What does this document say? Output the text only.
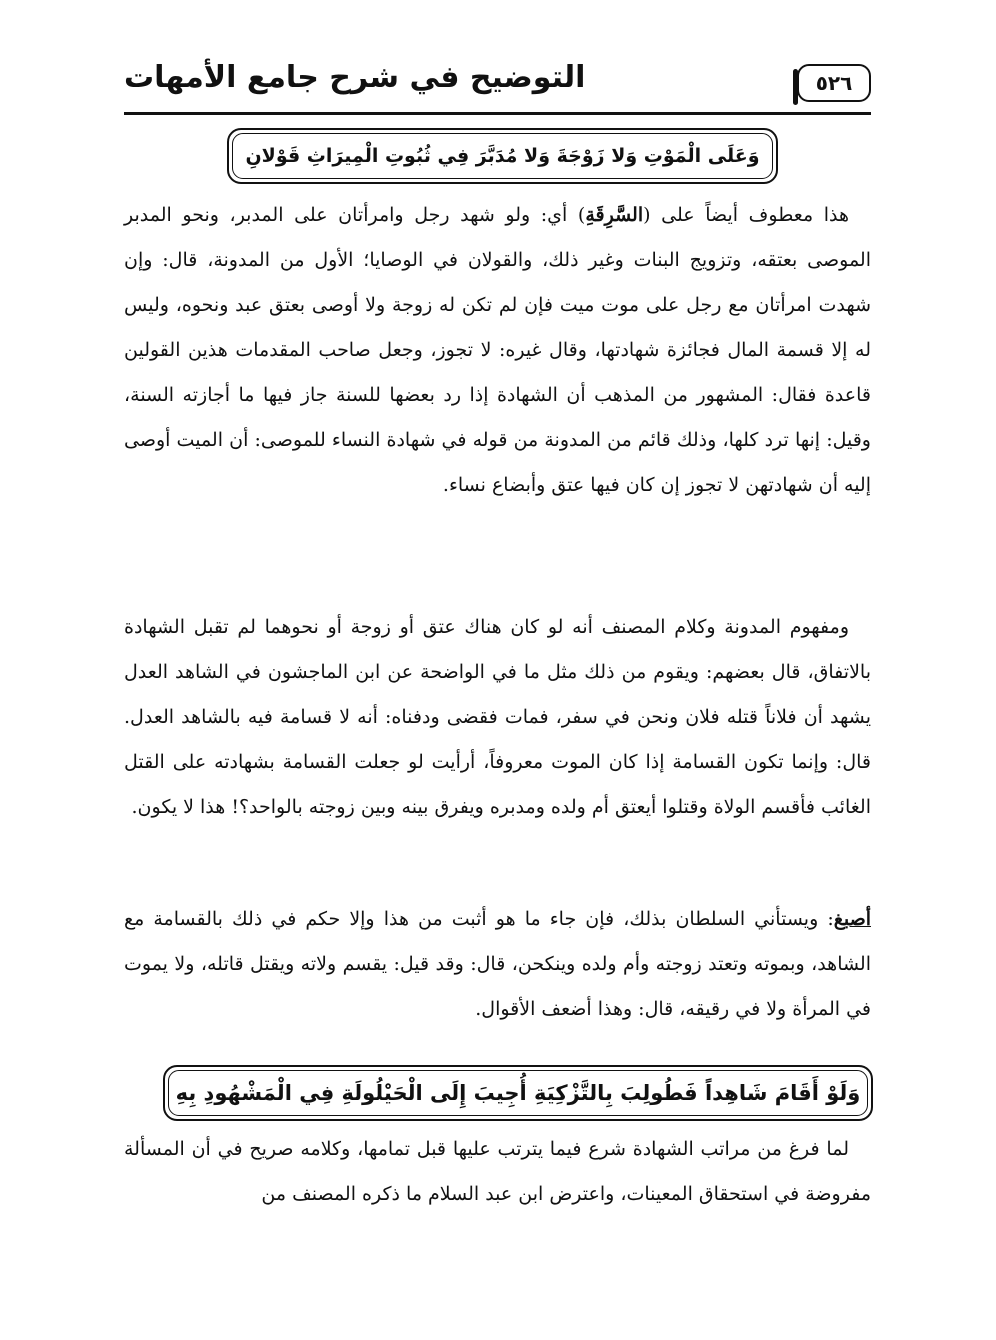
٥٢٦
التوضيح في شرح جامع الأمهات
وَعَلَى الْمَوْتِ وَلا زَوْجَةَ وَلا مُدَبَّرَ فِي ثُبُوتِ الْمِيرَاثِ قَوْلانِ

هذا معطوف أيضاً على (السَّرِقَةِ) أي: ولو شهد رجل وامرأتان على المدبر، ونحو المدبر الموصى بعتقه، وتزويج البنات وغير ذلك، والقولان في الوصايا؛ الأول من المدونة، قال: وإن شهدت امرأتان مع رجل على موت ميت فإن لم تكن له زوجة ولا أوصى بعتق عبد ونحوه، وليس له إلا قسمة المال فجائزة شهادتها، وقال غيره: لا تجوز، وجعل صاحب المقدمات هذين القولين قاعدة فقال: المشهور من المذهب أن الشهادة إذا رد بعضها للسنة جاز فيها ما أجازته السنة، وقيل: إنها ترد كلها، وذلك قائم من المدونة من قوله في شهادة النساء للموصى: أن الميت أوصى إليه أن شهادتهن لا تجوز إن كان فيها عتق وأبضاع نساء.

ومفهوم المدونة وكلام المصنف أنه لو كان هناك عتق أو زوجة أو نحوهما لم تقبل الشهادة بالاتفاق، قال بعضهم: ويقوم من ذلك مثل ما في الواضحة عن ابن الماجشون في الشاهد العدل يشهد أن فلاناً قتله فلان ونحن في سفر، فمات فقضى ودفناه: أنه لا قسامة فيه بالشاهد العدل. قال: وإنما تكون القسامة إذا كان الموت معروفاً، أرأيت لو جعلت القسامة بشهادته على القتل الغائب فأقسم الولاة وقتلوا أيعتق أم ولده ومدبره ويفرق بينه وبين زوجته بالواحد؟! هذا لا يكون.

أصبغ: ويستأني السلطان بذلك، فإن جاء ما هو أثبت من هذا وإلا حكم في ذلك بالقسامة مع الشاهد، وبموته وتعتد زوجته وأم ولده وينكحن، قال: وقد قيل: يقسم ولاته ويقتل قاتله، ولا يموت في المرأة ولا في رقيقه، قال: وهذا أضعف الأقوال.

وَلَوْ أَقَامَ شَاهِداً فَطُولِبَ بِالتَّزْكِيَةِ أُجِيبَ إِلَى الْحَيْلُولَةِ فِي الْمَشْهُودِ بِهِ

لما فرغ من مراتب الشهادة شرع فيما يترتب عليها قبل تمامها، وكلامه صريح في أن المسألة مفروضة في استحقاق المعينات، واعترض ابن عبد السلام ما ذكره المصنف من
